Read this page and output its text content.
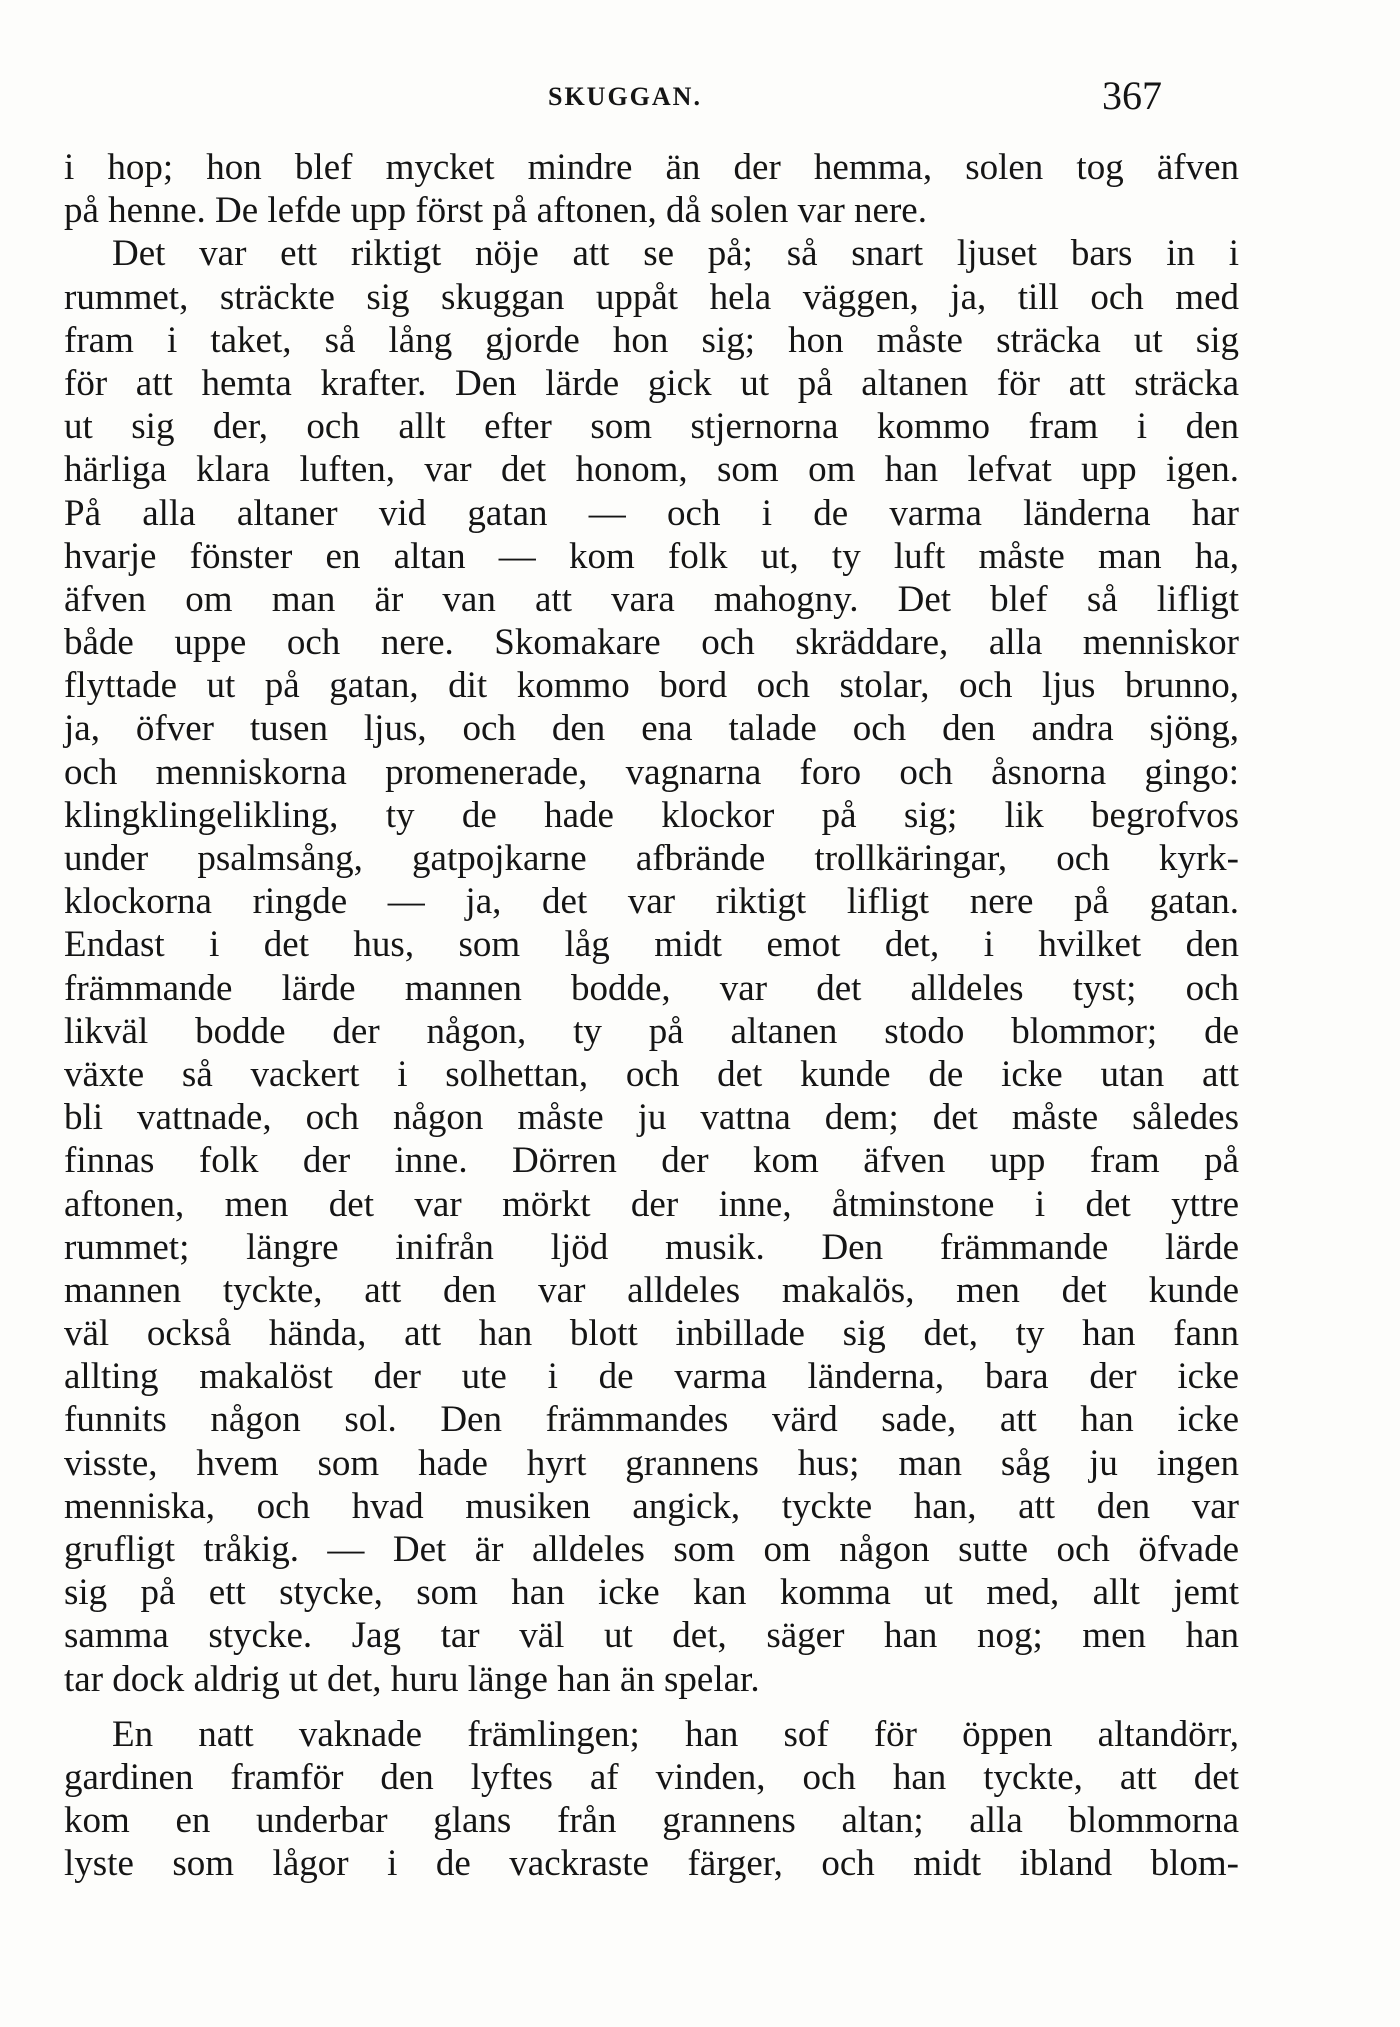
SKUGGAN.	367
i hop; hon blef mycket mindre än der hemma, solen tog äfven
på henne. De lefde upp först på aftonen, då solen var nere.
Det var ett riktigt nöje att se på; så snart ljuset bars in i
rummet, sträckte sig skuggan uppåt hela väggen, ja, till och med
fram i taket, så lång gjorde hon sig; hon måste sträcka ut sig
för att hemta krafter. Den lärde gick ut på altanen för att sträcka
ut sig der, och allt efter som stjernorna kommo fram i den
härliga klara luften, var det honom, som om han lefvat upp igen.
På alla altaner vid gatan — och i de varma länderna har
hvarje fönster en altan — kom folk ut, ty luft måste man ha,
äfven om man är van att vara mahogny. Det blef så lifligt
både uppe och nere. Skomakare och skräddare, alla menniskor
flyttade ut på gatan, dit kommo bord och stolar, och ljus brunno,
ja, öfver tusen ljus, och den ena talade och den andra sjöng,
och menniskorna promenerade, vagnarna foro och åsnorna gingo:
klingklingelikling, ty de hade klockor på sig; lik begrofvos
under psalmsång, gatpojkarne afbrände trollkäringar, och kyrk-
klockorna ringde — ja, det var riktigt lifligt nere på gatan.
Endast i det hus, som låg midt emot det, i hvilket den
främmande lärde mannen bodde, var det alldeles tyst; och
likväl bodde der någon, ty på altanen stodo blommor; de
växte så vackert i solhettan, och det kunde de icke utan att
bli vattnade, och någon måste ju vattna dem; det måste således
finnas folk der inne. Dörren der kom äfven upp fram på
aftonen, men det var mörkt der inne, åtminstone i det yttre
rummet; längre inifrån ljöd musik. Den främmande lärde
mannen tyckte, att den var alldeles makalös, men det kunde
väl också hända, att han blott inbillade sig det, ty han fann
allting makalöst der ute i de varma länderna, bara der icke
funnits någon sol. Den främmandes värd sade, att han icke
visste, hvem som hade hyrt grannens hus; man såg ju ingen
menniska, och hvad musiken angick, tyckte han, att den var
grufligt tråkig. — Det är alldeles som om någon sutte och öfvade
sig på ett stycke, som han icke kan komma ut med, allt jemt
samma stycke. Jag tar väl ut det, säger han nog; men han
tar dock aldrig ut det, huru länge han än spelar.
En natt vaknade främlingen; han sof för öppen altandörr,
gardinen framför den lyftes af vinden, och han tyckte, att det
kom en underbar glans från grannens altan; alla blommorna
lyste som lågor i de vackraste färger, och midt ibland blom-
